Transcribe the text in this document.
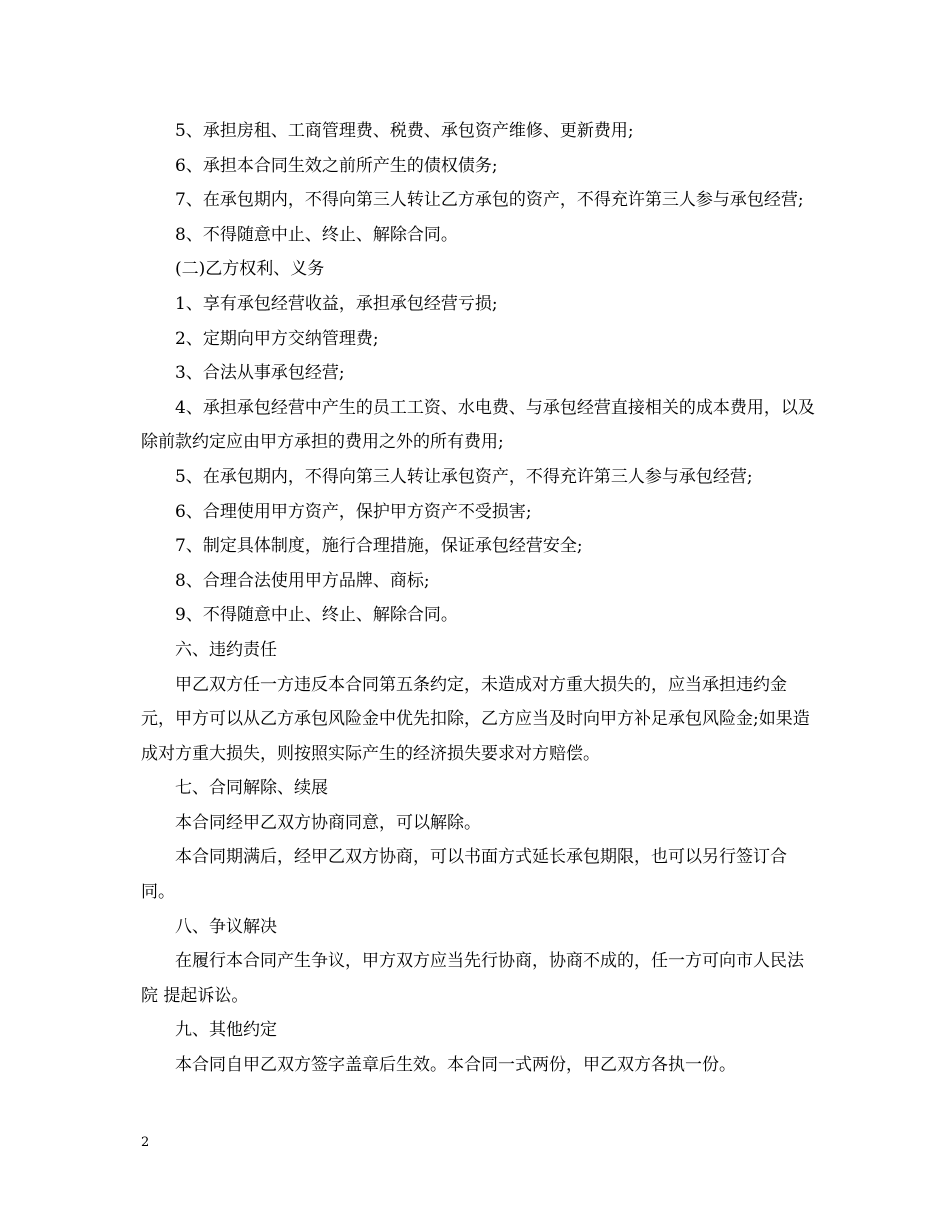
5、承担房租、工商管理费、税费、承包资产维修、更新费用;

6、承担本合同生效之前所产生的债权债务;

7、在承包期内，不得向第三人转让乙方承包的资产，不得充许第三人参与承包经营;

8、不得随意中止、终止、解除合同。

(二)乙方权利、义务

1、享有承包经营收益，承担承包经营亏损;

2、定期向甲方交纳管理费;

3、合法从事承包经营;

4、承担承包经营中产生的员工工资、水电费、与承包经营直接相关的成本费用，以及除前款约定应由甲方承担的费用之外的所有费用;

5、在承包期内，不得向第三人转让承包资产，不得充许第三人参与承包经营;

6、合理使用甲方资产，保护甲方资产不受损害;

7、制定具体制度，施行合理措施，保证承包经营安全;

8、合理合法使用甲方品牌、商标;

9、不得随意中止、终止、解除合同。

六、违约责任

甲乙双方任一方违反本合同第五条约定，未造成对方重大损失的，应当承担违约金 元，甲方可以从乙方承包风险金中优先扣除，乙方应当及时向甲方补足承包风险金;如果造成对方重大损失，则按照实际产生的经济损失要求对方赔偿。

七、合同解除、续展

本合同经甲乙双方协商同意，可以解除。

本合同期满后，经甲乙双方协商，可以书面方式延长承包期限，也可以另行签订合同。

八、争议解决

在履行本合同产生争议，甲方双方应当先行协商，协商不成的，任一方可向市人民法院 提起诉讼。

九、其他约定

本合同自甲乙双方签字盖章后生效。本合同一式两份，甲乙双方各执一份。

2
